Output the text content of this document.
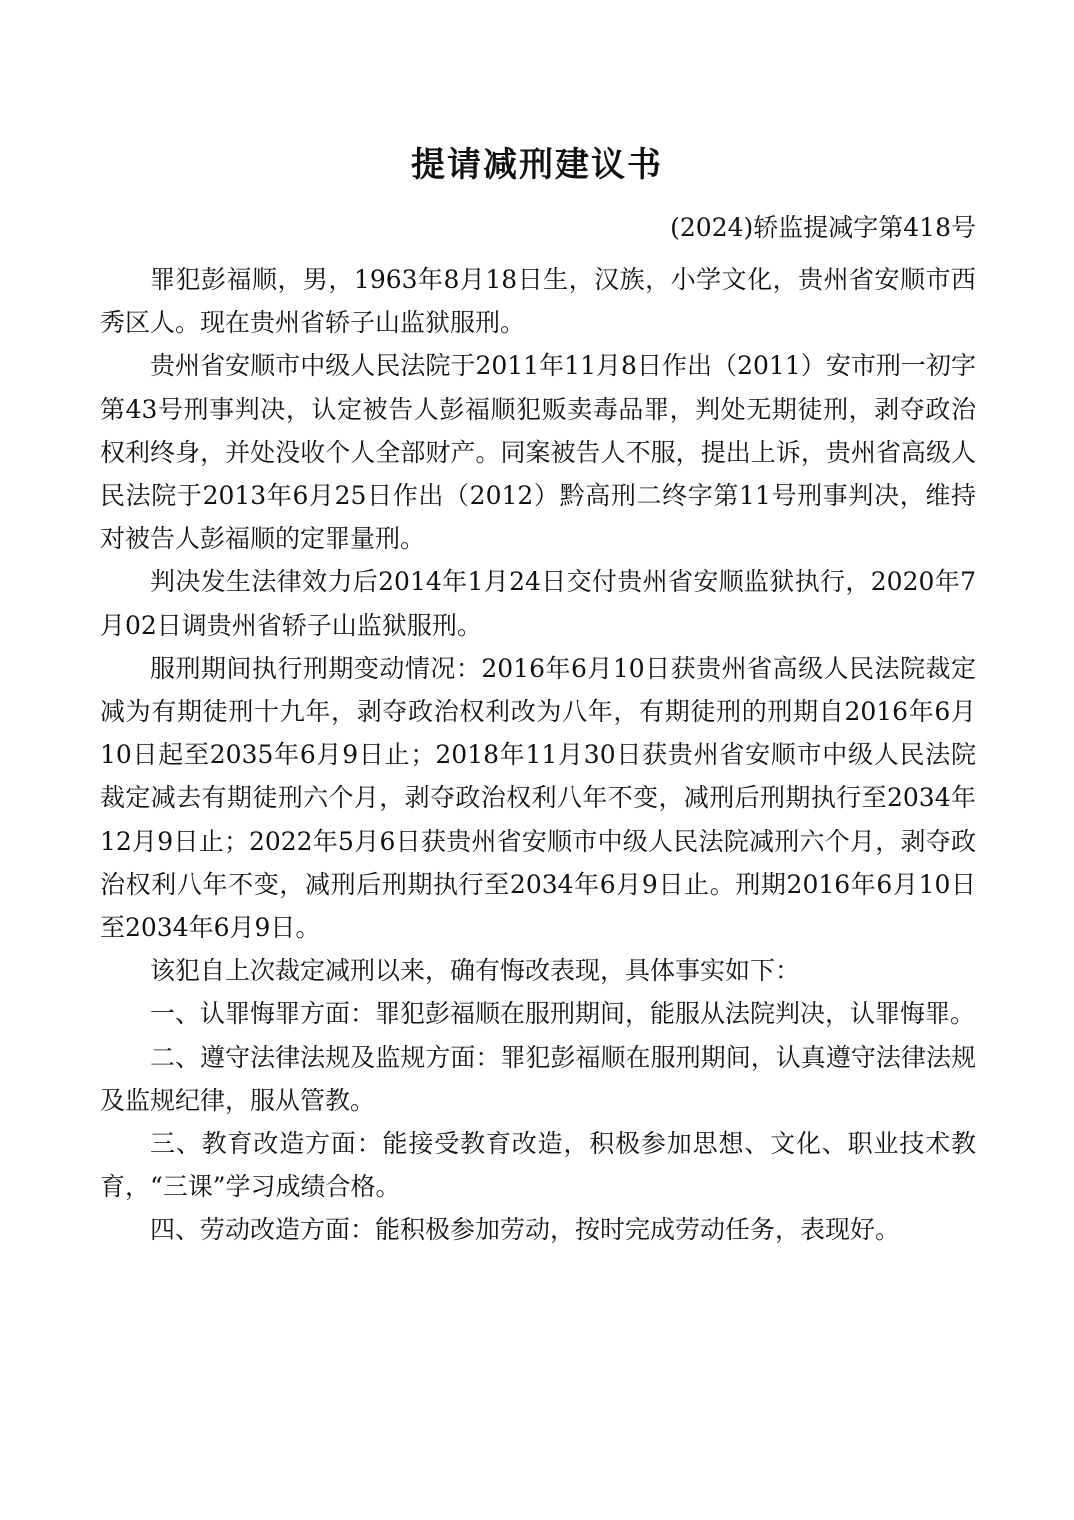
提请减刑建议书
(2024)轿监提减字第418号

罪犯彭福顺，男，1963年8月18日生，汉族，小学文化，贵州省安顺市西秀区人。现在贵州省轿子山监狱服刑。

贵州省安顺市中级人民法院于2011年11月8日作出（2011）安市刑一初字第43号刑事判决，认定被告人彭福顺犯贩卖毒品罪，判处无期徒刑，剥夺政治权利终身，并处没收个人全部财产。同案被告人不服，提出上诉，贵州省高级人民法院于2013年6月25日作出（2012）黔高刑二终字第11号刑事判决，维持对被告人彭福顺的定罪量刑。

判决发生法律效力后2014年1月24日交付贵州省安顺监狱执行，2020年7月02日调贵州省轿子山监狱服刑。

服刑期间执行刑期变动情况：2016年6月10日获贵州省高级人民法院裁定减为有期徒刑十九年，剥夺政治权利改为八年，有期徒刑的刑期自2016年6月10日起至2035年6月9日止；2018年11月30日获贵州省安顺市中级人民法院裁定减去有期徒刑六个月，剥夺政治权利八年不变，减刑后刑期执行至2034年12月9日止；2022年5月6日获贵州省安顺市中级人民法院减刑六个月，剥夺政治权利八年不变，减刑后刑期执行至2034年6月9日止。刑期2016年6月10日至2034年6月9日。

该犯自上次裁定减刑以来，确有悔改表现，具体事实如下：

一、认罪悔罪方面：罪犯彭福顺在服刑期间，能服从法院判决，认罪悔罪。

二、遵守法律法规及监规方面：罪犯彭福顺在服刑期间，认真遵守法律法规及监规纪律，服从管教。

三、教育改造方面：能接受教育改造，积极参加思想、文化、职业技术教育，“三课”学习成绩合格。

四、劳动改造方面：能积极参加劳动，按时完成劳动任务，表现好。
